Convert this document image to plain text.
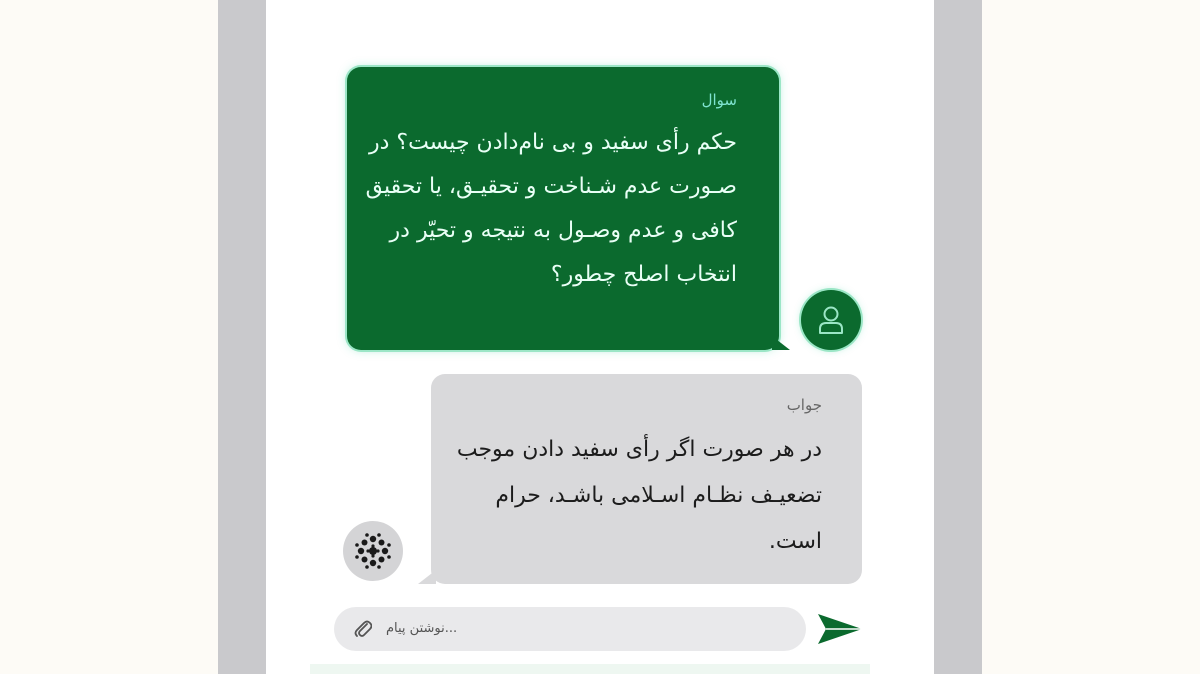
سوال
حکم رأی سفید و بی نام‌دادن چیست؟ در صـورت عدم شـناخت و تحقیـق، یا تحقیق کافی و عدم وصـول به نتیجه و تحیّر در انتخاب اصلح چطور؟
جواب
در هر صورت اگر رأی سفید دادن موجب تضعیـف نظـام اسـلامی باشـد، حرام است.
...نوشتن پیام
